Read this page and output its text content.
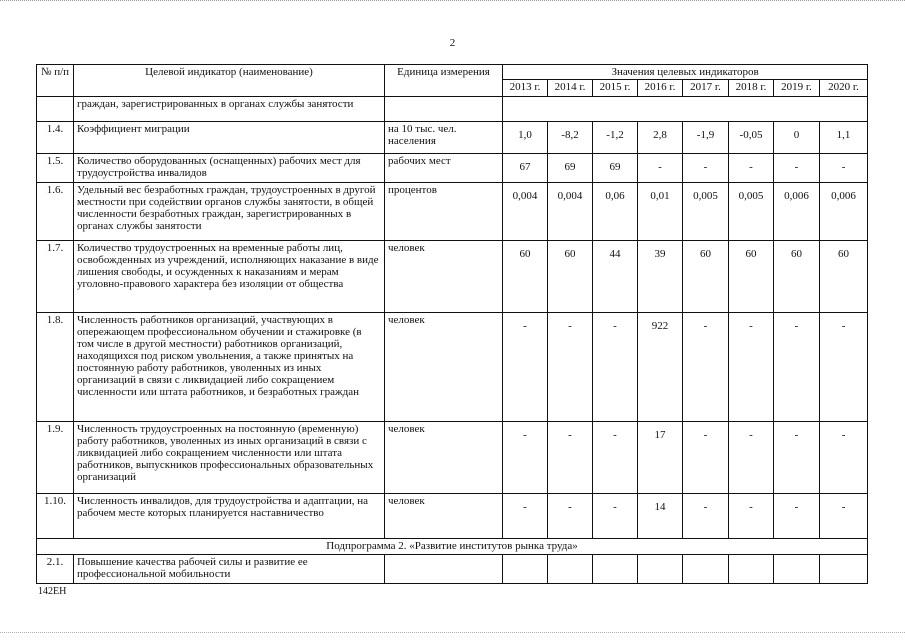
2
№ п/п	Целевой индикатор (наименование)	Единица измерения	Значения целевых индикаторов							
			2013 г.	2014 г.	2015 г.	2016 г.	2017 г.	2018 г.	2019 г.	2020 г.
	граждан, зарегистрированных в органах службы занятости									
1.4.	Коэффициент миграции	на 10 тыс. чел. населения	1,0	-8,2	-1,2	2,8	-1,9	-0,05	0	1,1
1.5.	Количество оборудованных (оснащенных) рабочих мест для трудоустройства инвалидов	рабочих мест	67	69	69	-	-	-	-	-
1.6.	Удельный вес безработных граждан, трудоустроенных в другой местности при содействии органов службы занятости, в общей численности безработных граждан, зарегистрированных в органах службы занятости	процентов	0,004	0,004	0,06	0,01	0,005	0,005	0,006	0,006
1.7.	Количество трудоустроенных на временные работы лиц, освобожденных из учреждений, исполняющих наказание в виде лишения свободы, и осужденных к наказаниям и мерам уголовно-правового характера без изоляции от общества	человек	60	60	44	39	60	60	60	60
1.8.	Численность работников организаций, участвующих в опережающем профессиональном обучении и стажировке (в том числе в другой местности) работников организаций, находящихся под риском увольнения, а также принятых на постоянную работу работников, уволенных из иных организаций в связи с ликвидацией либо сокращением численности или штата работников, и безработных граждан	человек	-	-	-	922	-	-	-	-
1.9.	Численность трудоустроенных на постоянную (временную) работу работников, уволенных из иных организаций в связи с ликвидацией либо сокращением численности или штата работников, выпускников профессиональных образовательных организаций	человек	-	-	-	17	-	-	-	-
1.10.	Численность инвалидов, для трудоустройства и адаптации, на рабочем месте которых планируется наставничество	человек	-	-	-	14	-	-	-	-
Подпрограмма 2. «Развитие институтов рынка труда»										
2.1.	Повышение качества рабочей силы и развитие ее профессиональной мобильности									
142EH
